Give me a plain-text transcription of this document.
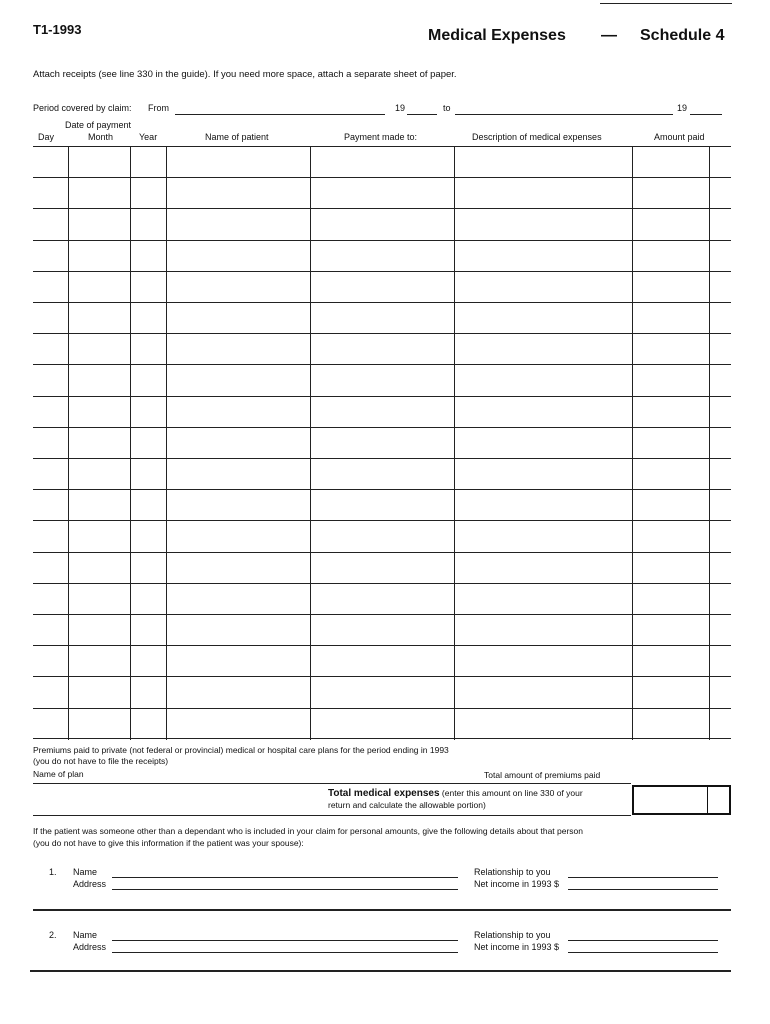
T1-1993	Medical Expenses — Schedule 4
Attach receipts (see line 330 in the guide). If you need more space, attach a separate sheet of paper.
Period covered by claim: From	19	to	19
Date of payment
Day	Month	Year	Name of patient	Payment made to:	Description of medical expenses	Amount paid
Premiums paid to private (not federal or provincial) medical or hospital care plans for the period ending in 1993
(you do not have to file the receipts)
Name of plan	Total amount of premiums paid
Total medical expenses (enter this amount on line 330 of your
return and calculate the allowable portion)
If the patient was someone other than a dependant who is included in your claim for personal amounts, give the following details about that person
(you do not have to give this information if the patient was your spouse):
1. Name
Address
Relationship to you
Net income in 1993 $
2. Name
Address
Relationship to you
Net income in 1993 $
